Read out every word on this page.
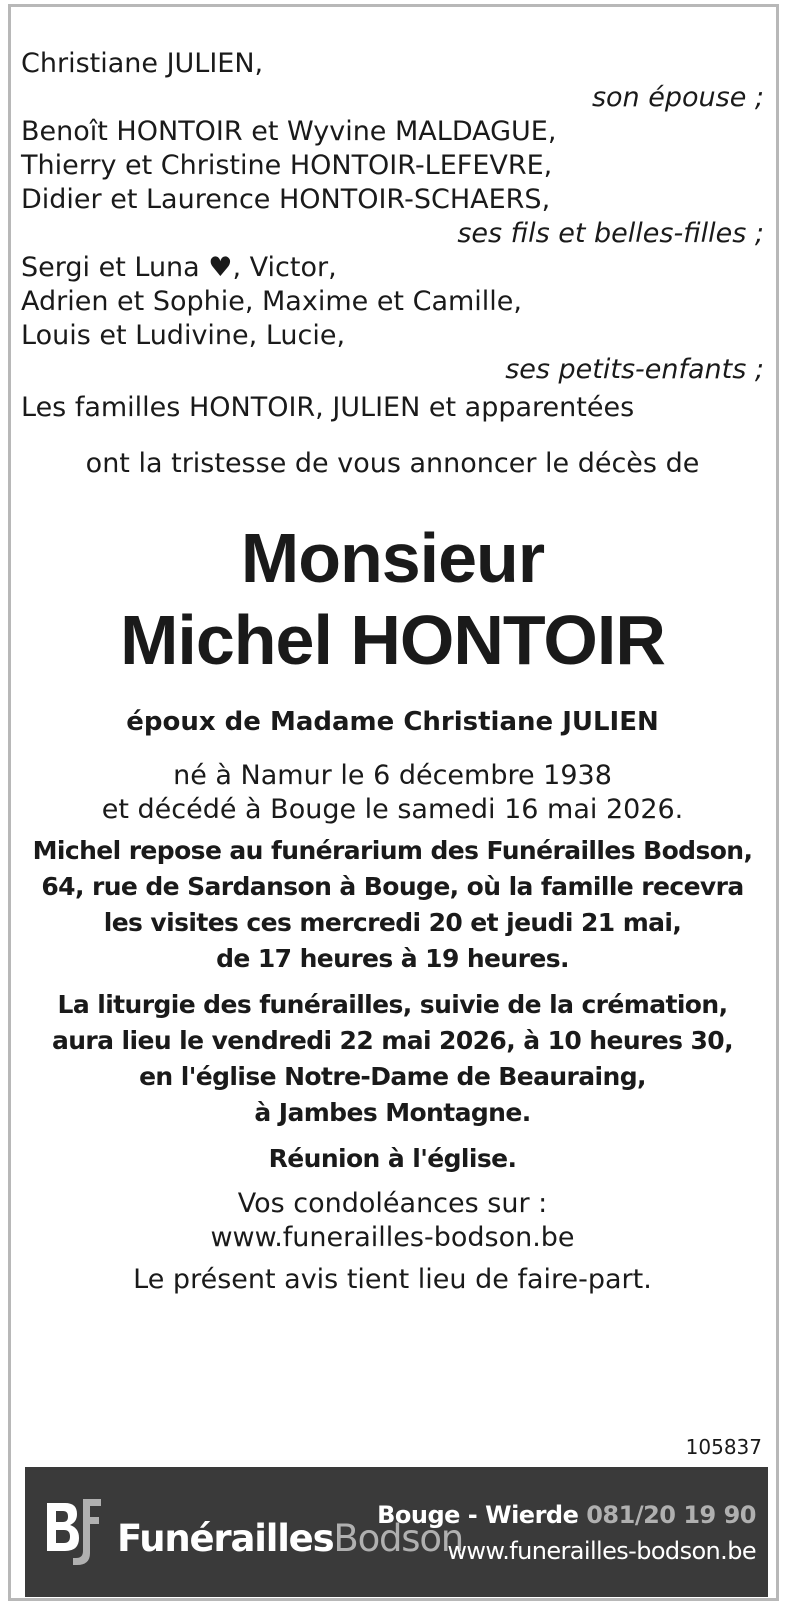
Christiane JULIEN,
son épouse ;
Benoît HONTOIR et Wyvine MALDAGUE,
Thierry et Christine HONTOIR-LEFEVRE,
Didier et Laurence HONTOIR-SCHAERS,
ses fils et belles-filles ;
Sergi et Luna ♥, Victor,
Adrien et Sophie, Maxime et Camille,
Louis et Ludivine, Lucie,
ses petits-enfants ;
Les familles HONTOIR, JULIEN et apparentées
ont la tristesse de vous annoncer le décès de
Monsieur
Michel HONTOIR
époux de Madame Christiane JULIEN
né à Namur le 6 décembre 1938
et décédé à Bouge le samedi 16 mai 2026.
Michel repose au funérarium des Funérailles Bodson,
64, rue de Sardanson à Bouge, où la famille recevra
les visites ces mercredi 20 et jeudi 21 mai,
de 17 heures à 19 heures.
La liturgie des funérailles, suivie de la crémation,
aura lieu le vendredi 22 mai 2026, à 10 heures 30,
en l'église Notre-Dame de Beauraing,
à Jambes Montagne.
Réunion à l'église.
Vos condoléances sur :
www.funerailles-bodson.be
Le présent avis tient lieu de faire-part.
105837
FunéraillesBodson
Bouge - Wierde 081/20 19 90
www.funerailles-bodson.be
